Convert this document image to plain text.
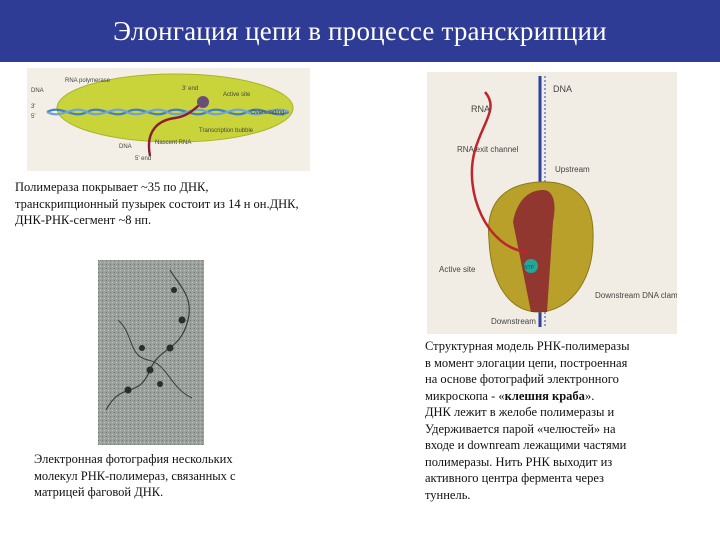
Элонгация цепи в процессе транскрипции
RNA polymerase
3' end
Active site
Overwinding
Transcription bubble
Nascent RNA
5' end
3'
5'
DNA
DNA
NTP
DNA
RNA
RNA exit channel
Upstream
Active site
Downstream DNA clamp
Downstream
Полимераза покрывает ~35 по ДНК,
транскрипционный пузырек состоит из 14 н он.ДНК,
ДНК-РНК-сегмент ~8 нп.
Электронная фотография нескольких
молекул РНК-полимераз, связанных с
матрицей фаговой ДНК.
Структурная модель РНК-полимеразы
в момент элогации цепи, построенная
на основе фотографий электронного
микроскопа - «клешня краба».
ДНК лежит в желобе полимеразы и
Удерживается парой «челюстей» на
входе и downream лежащими частями
полимеразы. Нить РНК выходит из
активного центра фермента через
туннель.
